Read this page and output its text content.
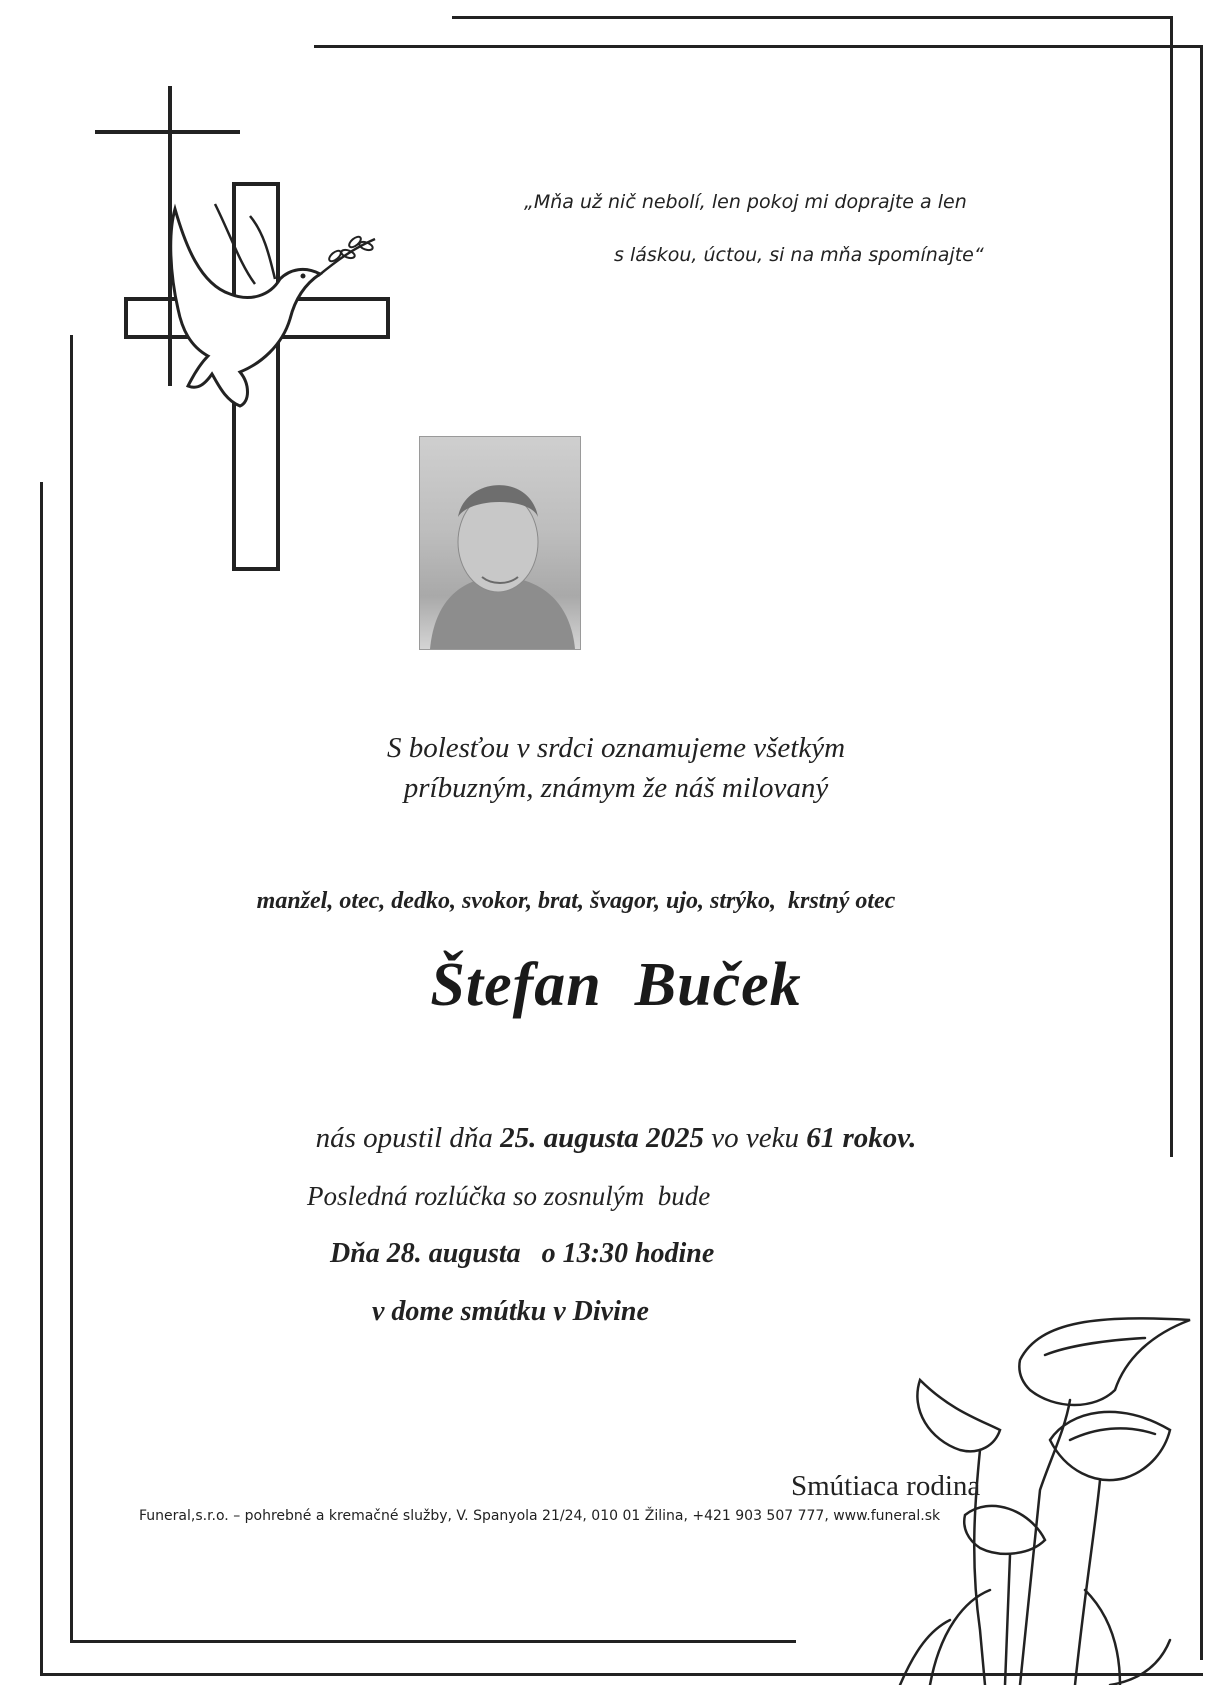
„Mňa už nič nebolí, len pokoj mi doprajte a len
s láskou, úctou, si na mňa spomínajte“
S bolesťou v srdci oznamujeme všetkým
príbuzným, známym že náš milovaný
manžel, otec, dedko, svokor, brat, švagor, ujo, strýko,  krstný otec
Štefan  Buček
nás opustil dňa 25. augusta 2025 vo veku 61 rokov.
Posledná rozlúčka so zosnulým  bude
Dňa 28. augusta   o 13:30 hodine
v dome smútku v Divine
Smútiaca rodina
Funeral,s.r.o. – pohrebné a kremačné služby, V. Spanyola 21/24, 010 01 Žilina, +421 903 507 777, www.funeral.sk
